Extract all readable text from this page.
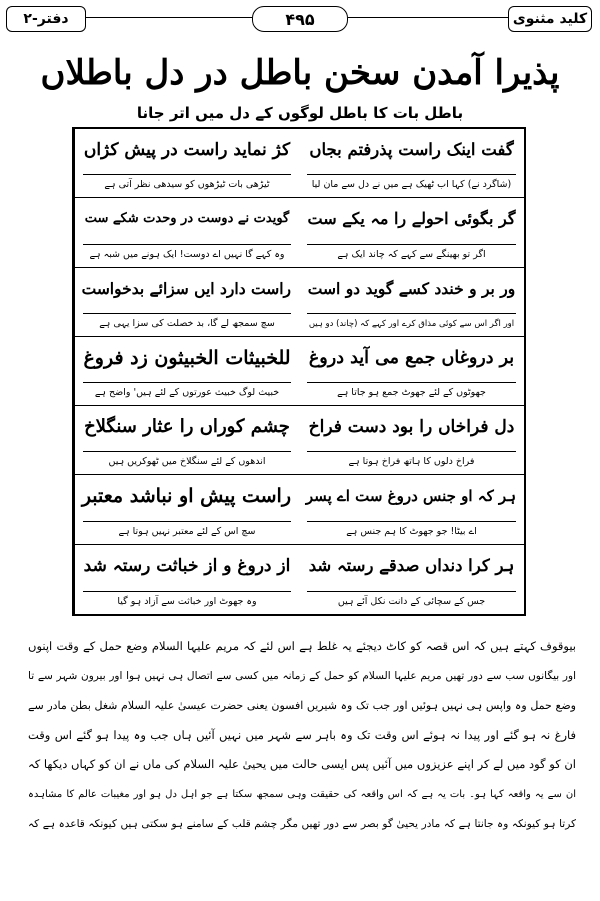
کلید مثنوی
۴۹۵
دفتر-۲
پذیرا آمدن سخن باطل در دل باطلاں
باطل بات کا باطل لوگوں کے دل میں اتر جانا
گفت اینک راست پذرفتم بجاں
(شاگرد نے) کہا اب ٹھیک ہے میں نے دل سے مان لیا
کژ نماید راست در پیش کژاں
ٹیڑھی بات ٹیڑھوں کو سیدھی نظر آتی ہے
گر بگوئی احولے را مہ یکے ست
اگر تو بھینگے سے کہے کہ چاند ایک ہے
گویدت نے دوست در وحدت شکے ست
وہ کہے گا نہیں اے دوست! ایک ہونے میں شبہ ہے
ور بر و خندد کسے گوید دو است
اور اگر اس سے کوئی مذاق کرے اور کہے کہ (چاند) دو ہیں
راست دارد ایں سزائے بدخواست
سچ سمجھ لے گا، بد خصلت کی سزا یہی ہے
بر دروغاں جمع می آید دروغ
جھوٹوں کے لئے جھوٹ جمع ہو جاتا ہے
للخبیثات الخبیثون زد فروغ
خبیث لوگ خبیث عورتوں کے لئے ہیں' واضح ہے
دل فراخاں را بود دست فراخ
فراخ دلوں کا ہاتھ فراخ ہوتا ہے
چشم کوراں را عثار سنگلاخ
اندھوں کے لئے سنگلاخ میں ٹھوکریں ہیں
ہر کہ او جنس دروغ ست اے پسر
اے بیٹا! جو جھوٹ کا ہم جنس ہے
راست پیش او نباشد معتبر
سچ اس کے لئے معتبر نہیں ہوتا ہے
ہر کرا دنداں صدقے رستہ شد
جس کے سچائی کے دانت نکل آئے ہیں
از دروغ و از خباثت رستہ شد
وہ جھوٹ اور خباثت سے آزاد ہو گیا
بیوقوف کہتے ہیں کہ اس قصہ کو کاٹ دیجئے یہ غلط ہے اس لئے کہ مریم علیہا السلام وضع حمل کے وقت اپنوں
اور بیگانوں سب سے دور تھیں مریم علیہا السلام کو حمل کے زمانہ میں کسی سے اتصال ہی نہیں ہوا اور بیرون شہر سے تا
وضع حمل وہ واپس ہی نہیں ہوئیں اور جب تک وہ شیریں افسون یعنی حضرت عیسیٰ علیہ السلام شغل بطن مادر سے
فارغ نہ ہو گئے اور پیدا نہ ہوئے اس وقت تک وہ باہر سے شہر میں نہیں آئیں ہاں جب وہ پیدا ہو گئے اس وقت
ان کو گود میں لے کر اپنے عزیزوں میں آئیں پس ایسی حالت میں یحییٰ علیہ السلام کی ماں نے ان کو کہاں دیکھا کہ
ان سے یہ واقعہ کہا ہو۔ بات یہ ہے کہ اس واقعہ کی حقیقت وہی سمجھ سکتا ہے جو اہل دل ہو اور مغیبات عالم کا مشاہدہ
کرتا ہو کیونکہ وہ جانتا ہے کہ مادر یحییٰ گو بصر سے دور تھیں مگر چشم قلب کے سامنے ہو سکتی ہیں کیونکہ قاعدہ ہے کہ
